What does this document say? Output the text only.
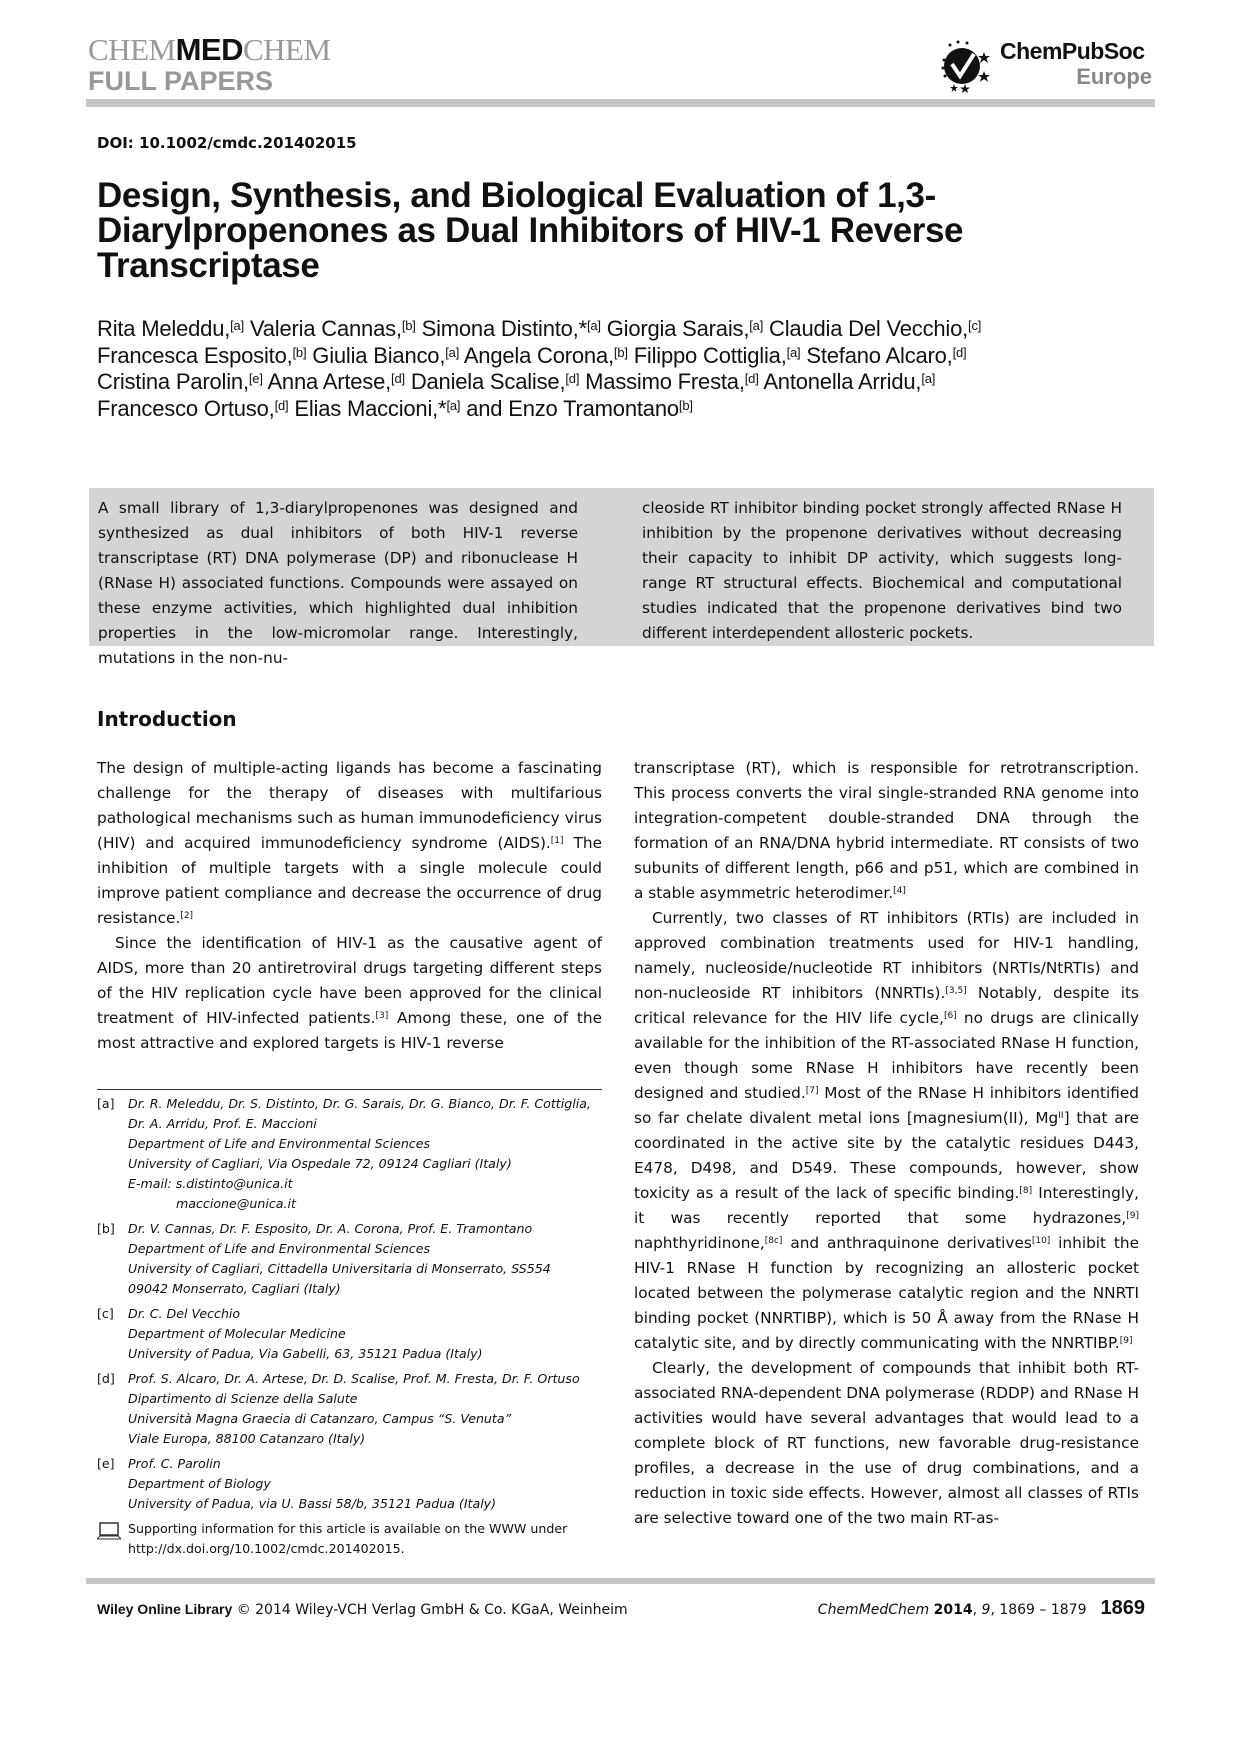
CHEMMEDCHEM
FULL PAPERS
ChemPubSoc
Europe
DOI: 10.1002/cmdc.201402015
Design, Synthesis, and Biological Evaluation of 1,3-
Diarylpropenones as Dual Inhibitors of HIV-1 Reverse
Transcriptase
Rita Meleddu,[a] Valeria Cannas,[b] Simona Distinto,*[a] Giorgia Sarais,[a] Claudia Del Vecchio,[c]
Francesca Esposito,[b] Giulia Bianco,[a] Angela Corona,[b] Filippo Cottiglia,[a] Stefano Alcaro,[d]
Cristina Parolin,[e] Anna Artese,[d] Daniela Scalise,[d] Massimo Fresta,[d] Antonella Arridu,[a]
Francesco Ortuso,[d] Elias Maccioni,*[a] and Enzo Tramontano[b]
A small library of 1,3-diarylpropenones was designed and synthesized as dual inhibitors of both HIV-1 reverse transcriptase (RT) DNA polymerase (DP) and ribonuclease H (RNase H) associated functions. Compounds were assayed on these enzyme activities, which highlighted dual inhibition properties in the low-micromolar range. Interestingly, mutations in the non-nu-
cleoside RT inhibitor binding pocket strongly affected RNase H inhibition by the propenone derivatives without decreasing their capacity to inhibit DP activity, which suggests long-range RT structural effects. Biochemical and computational studies indicated that the propenone derivatives bind two different interdependent allosteric pockets.
Introduction

The design of multiple-acting ligands has become a fascinating challenge for the therapy of diseases with multifarious pathological mechanisms such as human immunodeficiency virus (HIV) and acquired immunodeficiency syndrome (AIDS).[1] The inhibition of multiple targets with a single molecule could improve patient compliance and decrease the occurrence of drug resistance.[2]

Since the identification of HIV-1 as the causative agent of AIDS, more than 20 antiretroviral drugs targeting different steps of the HIV replication cycle have been approved for the clinical treatment of HIV-infected patients.[3] Among these, one of the most attractive and explored targets is HIV-1 reverse

[a] Dr. R. Meleddu, Dr. S. Distinto, Dr. G. Sarais, Dr. G. Bianco, Dr. F. Cottiglia,
Dr. A. Arridu, Prof. E. Maccioni
Department of Life and Environmental Sciences
University of Cagliari, Via Ospedale 72, 09124 Cagliari (Italy)
E-mail: s.distinto@unica.it
maccione@unica.it
[b] Dr. V. Cannas, Dr. F. Esposito, Dr. A. Corona, Prof. E. Tramontano
Department of Life and Environmental Sciences
University of Cagliari, Cittadella Universitaria di Monserrato, SS554
09042 Monserrato, Cagliari (Italy)
[c] Dr. C. Del Vecchio
Department of Molecular Medicine
University of Padua, Via Gabelli, 63, 35121 Padua (Italy)
[d] Prof. S. Alcaro, Dr. A. Artese, Dr. D. Scalise, Prof. M. Fresta, Dr. F. Ortuso
Dipartimento di Scienze della Salute
Università Magna Graecia di Catanzaro, Campus “S. Venuta”
Viale Europa, 88100 Catanzaro (Italy)
[e] Prof. C. Parolin
Department of Biology
University of Padua, via U. Bassi 58/b, 35121 Padua (Italy)
Supporting information for this article is available on the WWW under
http://dx.doi.org/10.1002/cmdc.201402015.

transcriptase (RT), which is responsible for retrotranscription. This process converts the viral single-stranded RNA genome into integration-competent double-stranded DNA through the formation of an RNA/DNA hybrid intermediate. RT consists of two subunits of different length, p66 and p51, which are combined in a stable asymmetric heterodimer.[4]

Currently, two classes of RT inhibitors (RTIs) are included in approved combination treatments used for HIV-1 handling, namely, nucleoside/nucleotide RT inhibitors (NRTIs/NtRTIs) and non-nucleoside RT inhibitors (NNRTIs).[3,5] Notably, despite its critical relevance for the HIV life cycle,[6] no drugs are clinically available for the inhibition of the RT-associated RNase H function, even though some RNase H inhibitors have recently been designed and studied.[7] Most of the RNase H inhibitors identified so far chelate divalent metal ions [magnesium(II), $Mg^{II}$] that are coordinated in the active site by the catalytic residues D443, E478, D498, and D549. These compounds, however, show toxicity as a result of the lack of specific binding.[8] Interestingly, it was recently reported that some hydrazones,[9] naphthyridinone,[8c] and anthraquinone derivatives[10] inhibit the HIV-1 RNase H function by recognizing an allosteric pocket located between the polymerase catalytic region and the NNRTI binding pocket (NNRTIBP), which is 50 Å away from the RNase H catalytic site, and by directly communicating with the NNRTIBP.[9]

Clearly, the development of compounds that inhibit both RT-associated RNA-dependent DNA polymerase (RDDP) and RNase H activities would have several advantages that would lead to a complete block of RT functions, new favorable drug-resistance profiles, a decrease in the use of drug combinations, and a reduction in toxic side effects. However, almost all classes of RTIs are selective toward one of the two main RT-as-

Wiley Online Library © 2014 Wiley-VCH Verlag GmbH & Co. KGaA, Weinheim	ChemMedChem 2014, 9, 1869 – 1879 1869
